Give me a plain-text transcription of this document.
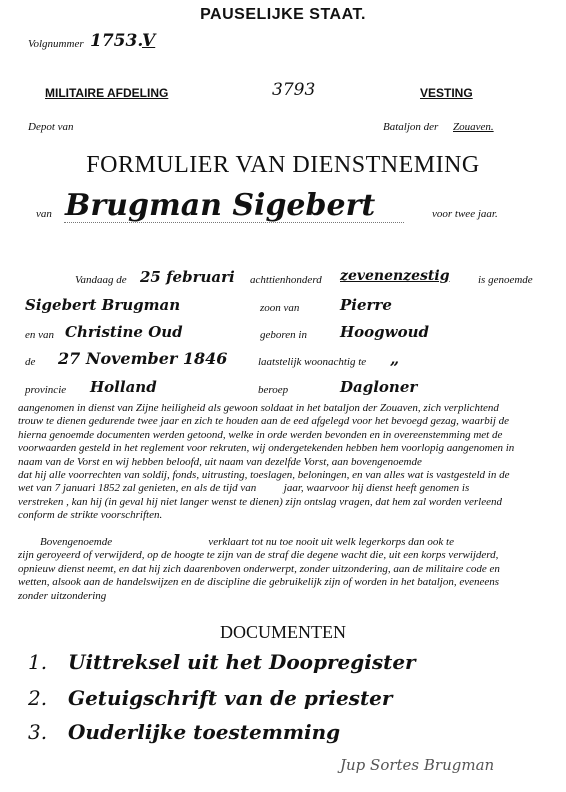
PAUSELIJKE STAAT.
Volgnummer 1753.
V
MILITAIRE AFDELING	3793	VESTING
Depot van	Bataljon der Zouaven.
FORMULIER VAN DIENSTNEMING
van Brugman Sigebert	voor twee jaar.
Vandaag de 25 februari achttienhonderd zevenenzestig	is genoemde
Sigebert Brugman	zoon van	Pierre
en van Christine Oud	geboren in Hoogwoud
de 27 November 1846	laatstelijk woonachtig te „
provincie Holland	beroep	Dagloner
aangenomen in dienst van Zijne heiligheid als gewoon soldaat in het bataljon der Zouaven, zich verplichtend
trouw te dienen gedurende twee jaar en zich te houden aan de eed afgelegd voor het bevoegd gezag, waarbij de
hierna genoemde documenten werden getoond, welke in orde werden bevonden en in overeenstemming met de
voorwaarden gesteld in het reglement voor rekruten, wij ondergetekenden hebben hem voorlopig aangenomen in
naam van de Vorst en wij hebben beloofd, uit naam van dezelfde Vorst, aan bovengenoemde
dat hij alle voorrechten van soldij, fonds, uitrusting, toeslagen, beloningen, en van alles wat is vastgesteld in de
wet van 7 januari 1852 zal genieten, en als de tijd van          jaar, waarvoor hij dienst heeft genomen is
verstreken , kan hij (in geval hij niet langer wenst te dienen) zijn ontslag vragen, dat hem zal worden verleend
conform de strikte voorschriften.
Bovengenoemde                                   verklaart tot nu toe nooit uit welk legerkorps dan ook te
zijn geroyeerd of verwijderd, op de hoogte te zijn van de straf die degene wacht die, uit een korps verwijderd,
opnieuw dienst neemt, en dat hij zich daarenboven onderwerpt, zonder uitzondering, aan de militaire code en
wetten, alsook aan de handelswijzen en de discipline die gebruikelijk zijn of worden in het bataljon, eveneens
zonder uitzondering
DOCUMENTEN
1. Uittreksel uit het Doopregister
2. Getuigschrift van de priester
3. Ouderlijke toestemming
Jup Sortes Brugman
